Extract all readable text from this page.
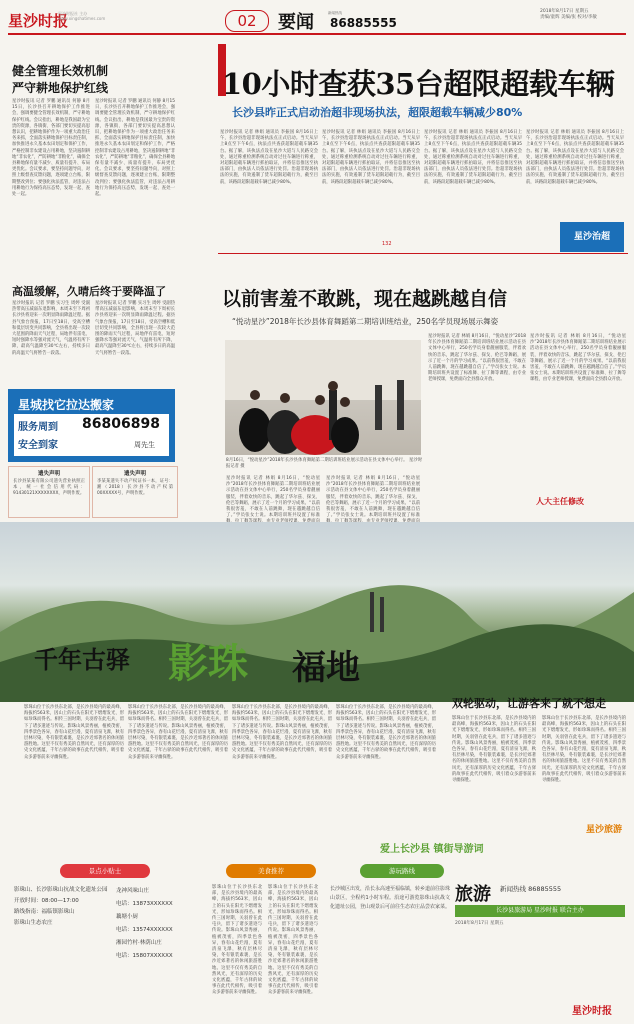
星沙时报
星沙时报社 主办 www.xingshatimes.com	02	要闻	新闻热线
86885555
2018年8月17日 星期五
责编/童辉 美编/张 校对/李敏
健全管理长效机制
严守耕地保护红线
星沙时报讯 记者 罗鹏 通讯员 何静 8月15日，长沙县召开耕地保护工作推进会，强调要健全管理长效机制，严守耕地保护红线。会议指出，耕地是我国最为宝贵的资源，各镇街、各部门要切实提高思想认识，把耕地保护作为一项重大政治任务来抓，全面落实耕地保护目标责任制，加快推进永久基本农田划定和保护工作，严格控制非农建设占用耕地，坚决遏制耕地“非农化”，严防耕地“非粮化”，确保全县耕地保有量不减少、质量有提升、布局更优化。会议要求，要坚持问题导向，对照上级督查反馈问题，逐项建立台账，限期整改到位；要强化执法监管，对违法占用耕地行为保持高压态势，发现一起、查处一起。
星沙时报讯 记者 罗鹏 通讯员 何静 8月15日，长沙县召开耕地保护工作推进会，强调要健全管理长效机制，严守耕地保护红线。会议指出，耕地是我国最为宝贵的资源，各镇街、各部门要切实提高思想认识，把耕地保护作为一项重大政治任务来抓，全面落实耕地保护目标责任制，加快推进永久基本农田划定和保护工作，严格控制非农建设占用耕地，坚决遏制耕地“非农化”，严防耕地“非粮化”，确保全县耕地保有量不减少、质量有提升、布局更优化。会议要求，要坚持问题导向，对照上级督查反馈问题，逐项建立台账，限期整改到位；要强化执法监管，对违法占用耕地行为保持高压态势，发现一起、查处一起。
10小时查获35台超限超载车辆
长沙县昨正式启动治超非现场执法，超限超载车辆减少80%
星沙时报讯 记者 林娟 通讯员 李振国 8月16日上午，长沙县治超非现场执法点正式启动。当天从早上8点至下午6点，执法点共查获超限超载车辆35台。据了解，该执法点设在星沙大道与人民路交会处，通过称重检测系统自动对过往车辆进行称重，对超限超载车辆进行抓拍取证，并将信息推送至执法部门，由执法人员依法进行处罚。治超非现场执法的实施，有效遏制了货车超限超载行为，截至目前，该路段超限超载车辆已减少80%。
星沙时报讯 记者 林娟 通讯员 李振国 8月16日上午，长沙县治超非现场执法点正式启动。当天从早上8点至下午6点，执法点共查获超限超载车辆35台。据了解，该执法点设在星沙大道与人民路交会处，通过称重检测系统自动对过往车辆进行称重，对超限超载车辆进行抓拍取证，并将信息推送至执法部门，由执法人员依法进行处罚。治超非现场执法的实施，有效遏制了货车超限超载行为，截至目前，该路段超限超载车辆已减少80%。
星沙时报讯 记者 林娟 通讯员 李振国 8月16日上午，长沙县治超非现场执法点正式启动。当天从早上8点至下午6点，执法点共查获超限超载车辆35台。据了解，该执法点设在星沙大道与人民路交会处，通过称重检测系统自动对过往车辆进行称重，对超限超载车辆进行抓拍取证，并将信息推送至执法部门，由执法人员依法进行处罚。治超非现场执法的实施，有效遏制了货车超限超载行为，截至目前，该路段超限超载车辆已减少80%。
星沙时报讯 记者 林娟 通讯员 李振国 8月16日上午，长沙县治超非现场执法点正式启动。当天从早上8点至下午6点，执法点共查获超限超载车辆35台。据了解，该执法点设在星沙大道与人民路交会处，通过称重检测系统自动对过往车辆进行称重，对超限超载车辆进行抓拍取证，并将信息推送至执法部门，由执法人员依法进行处罚。治超非现场执法的实施，有效遏制了货车超限超载行为，截至目前，该路段超限超载车辆已减少80%。
星沙治超
132
高温缓解，久晴后终于要降温了
星沙时报讯 记者 罗鹏 实习生 周婷 受副热带高压减弱东退影响，本周末至下周初长沙县将迎来一次明显降雨降温过程。据县气象台预报，17日至18日，受高空槽和低层切变共同影响，全县将出现一次较大范围的降雨天气过程，局地伴有雷电、短时强降水等强对流天气，气温将有所下降，最高气温降至30℃左右，持续多日的高温天气将暂告一段落。
星沙时报讯 记者 罗鹏 实习生 周婷 受副热带高压减弱东退影响，本周末至下周初长沙县将迎来一次明显降雨降温过程。据县气象台预报，17日至18日，受高空槽和低层切变共同影响，全县将出现一次较大范围的降雨天气过程，局地伴有雷电、短时强降水等强对流天气，气温将有所下降，最高气温降至30℃左右，持续多日的高温天气将暂告一段落。
星城找它拉达搬家
服务周到 86806898
安全到家	周先生
遗失声明
长沙县某某有限公司遗失营业执照正本，统一社会信用代码：91430121XXXXXXXX，声明作废。
遗失声明
李某某遗失不动产权证书一本，证号：湘（2018）长沙县不动产权第00XXXXX号，声明作废。
以前害羞不敢跳，现在越跳越自信
“悦动星沙”2018年长沙县体育舞蹈第二期培训班结业，250名学员现场展示舞姿
8月16日，“悦动星沙”2018年长沙县体育舞蹈第二期培训班结业展示活动在县文体中心举行。 星沙时报记者 摄
星沙时报讯 记者 林娟 8月16日，“悦动星沙”2018年长沙县体育舞蹈第二期培训班结业展示活动在县文体中心举行，250名学员身着靓丽服装，伴着欢快的音乐，跳起了华尔兹、探戈、伦巴等舞蹈，展示了近一个月的学习成果。“以前我很害羞，不敢在人前跳舞，现在越跳越自信了。”学员张女士说。本期培训班共设置了标准
星沙时报讯 记者 林娟 8月16日，“悦动星沙”2018年长沙县体育舞蹈第二期培训班结业展示活动在县文体中心举行，250名学员身着靓丽服装，伴着欢快的音乐，跳起了华尔兹、探戈、伦巴等舞蹈，展示了近一个月的学习成果。“以前我很害羞，不敢在人前跳舞，现在越跳越自信了。”学员张女士说。本期培训班共设置了标准
星沙时报讯 记者 林娟 8月16日，“悦动星沙”2018年长沙县体育舞蹈第二期培训班结业展示活动在县文体中心举行，250名学员身着靓丽服装，伴着欢快的音乐，跳起了华尔兹、探戈、伦巴等舞蹈，展示了近一个月的学习成果。“以前我很害羞，不敢在人前跳舞，现在越跳越自信了。”学员张女士说。本期培训班共设置了标准舞、拉丁舞等课程，由专业老师授课，免费面向全县群众开放。
星沙时报讯 记者 林娟 8月16日，“悦动星沙”2018年长沙县体育舞蹈第二期培训班结业展示活动在县文体中心举行，250名学员身着靓丽服装，伴着欢快的音乐，跳起了华尔兹、探戈、伦巴等舞蹈，展示了近一个月的学习成果。“以前我很害羞，不敢在人前跳舞，现在越跳越自信了。”学员张女士说。本期培训班共设置了标准舞、拉丁舞等课程，由专业老师授课，免费面向全县群众开放。
人大主任修改
千年古驿 影珠 福地
影珠山位于长沙县东北部，是长沙县境内的最高峰，海拔约563米，因山上的石头在阳光下熠熠发光、形如珍珠而得名。相传三国时期，关羽曾在此屯兵，留下了诸多遗迹与传说。影珠山风景秀丽，植被茂密，四季景色各异，春有山花烂漫，夏有清泉飞瀑，秋有层林尽染，冬有银装素裹，是长沙近郊著名的休闲旅游胜地。这里不仅有秀美的自然风光，还有深厚的历史文化底蕴，千年古驿的故事在此代代相传，吸引着众多游客前来寻幽探胜。
影珠山位于长沙县东北部，是长沙县境内的最高峰，海拔约563米，因山上的石头在阳光下熠熠发光、形如珍珠而得名。相传三国时期，关羽曾在此屯兵，留下了诸多遗迹与传说。影珠山风景秀丽，植被茂密，四季景色各异，春有山花烂漫，夏有清泉飞瀑，秋有层林尽染，冬有银装素裹，是长沙近郊著名的休闲旅游胜地。这里不仅有秀美的自然风光，还有深厚的历史文化底蕴，千年古驿的故事在此代代相传，吸引着众多游客前来寻幽探胜。
影珠山位于长沙县东北部，是长沙县境内的最高峰，海拔约563米，因山上的石头在阳光下熠熠发光、形如珍珠而得名。相传三国时期，关羽曾在此屯兵，留下了诸多遗迹与传说。影珠山风景秀丽，植被茂密，四季景色各异，春有山花烂漫，夏有清泉飞瀑，秋有层林尽染，冬有银装素裹，是长沙近郊著名的休闲旅游胜地。这里不仅有秀美的自然风光，还有深厚的历史文化底蕴，千年古驿的故事在此代代相传，吸引着众多游客前来寻幽探胜。
影珠山位于长沙县东北部，是长沙县境内的最高峰，海拔约563米，因山上的石头在阳光下熠熠发光、形如珍珠而得名。相传三国时期，关羽曾在此屯兵，留下了诸多遗迹与传说。影珠山风景秀丽，植被茂密，四季景色各异，春有山花烂漫，夏有清泉飞瀑，秋有层林尽染，冬有银装素裹，是长沙近郊著名的休闲旅游胜地。这里不仅有秀美的自然风光，还有深厚的历史文化底蕴，千年古驿的故事在此代代相传，吸引着众多游客前来寻幽探胜。
爱上长沙县 镇街导游词
双轮驱动，让游客来了就不想走
影珠山位于长沙县东北部，是长沙县境内的最高峰，海拔约563米，因山上的石头在阳光下熠熠发光、形如珍珠而得名。相传三国时期，关羽曾在此屯兵，留下了诸多遗迹与传说。影珠山风景秀丽，植被茂密，四季景色各异，春有山花烂漫，夏有清泉飞瀑，秋有层林尽染，冬有银装素裹，是长沙近郊著名的休闲旅游胜地。这里不仅有秀美的自然风光，还有深厚的历史文化底蕴，千年古驿的故事在此代代相传，吸引着众多游客前来寻幽探胜。
影珠山位于长沙县东北部，是长沙县境内的最高峰，海拔约563米，因山上的石头在阳光下熠熠发光、形如珍珠而得名。相传三国时期，关羽曾在此屯兵，留下了诸多遗迹与传说。影珠山风景秀丽，植被茂密，四季景色各异，春有山花烂漫，夏有清泉飞瀑，秋有层林尽染，冬有银装素裹，是长沙近郊著名的休闲旅游胜地。这里不仅有秀美的自然风光，还有深厚的历史文化底蕴，千年古驿的故事在此代代相传，吸引着众多游客前来寻幽探胜。
星沙旅游
景点小贴士	美食推荐	游玩路线
影珠山、长沙影珠山抗战文化遗址公园
开放时间：08:00—17:00
路线指南：福临镇影珠山
影珠山生态农庄
龙神风味山庄
电话：13873XXXXXX
藕塘小厨
电话：13574XXXXXX
湘园竹村·林荫山庄
电话：15807XXXXXX
影珠山位于长沙县东北部，是长沙县境内的最高峰，海拔约563米，因山上的石头在阳光下熠熠发光、形如珍珠而得名。相传三国时期，关羽曾在此屯兵，留下了诸多遗迹与传说。影珠山风景秀丽，植被茂密，四季景色各异，春有山花烂漫，夏有清泉飞瀑，秋有层林尽染，冬有银装素裹，是长沙近郊著名的休闲旅游胜地。这里不仅有秀美的自然风光，还有深厚的历史文化底蕴，千年古驿的故事在此代代相传，吸引着众多游客前来寻幽探胜。
影珠山位于长沙县东北部，是长沙县境内的最高峰，海拔约563米，因山上的石头在阳光下熠熠发光、形如珍珠而得名。相传三国时期，关羽曾在此屯兵，留下了诸多遗迹与传说。影珠山风景秀丽，植被茂密，四季景色各异，春有山花烂漫，夏有清泉飞瀑，秋有层林尽染，冬有银装素裹，是长沙近郊著名的休闲旅游胜地。这里不仅有秀美的自然风光，还有深厚的历史文化底蕴，千年古驿的故事在此代代相传，吸引着众多游客前来寻幽探胜。
长沙城区出发，沿长永高速至福临镇，转乡道前往影珠山景区，全程约1小时车程。沿途可游览影珠山抗战文化遗址公园，登山观景后可前往生态农庄品尝农家菜。
旅游 新闻热线 86885555
长沙县旅游局 星沙时报 联合主办
2018年8月17日 星期五
星沙时报
